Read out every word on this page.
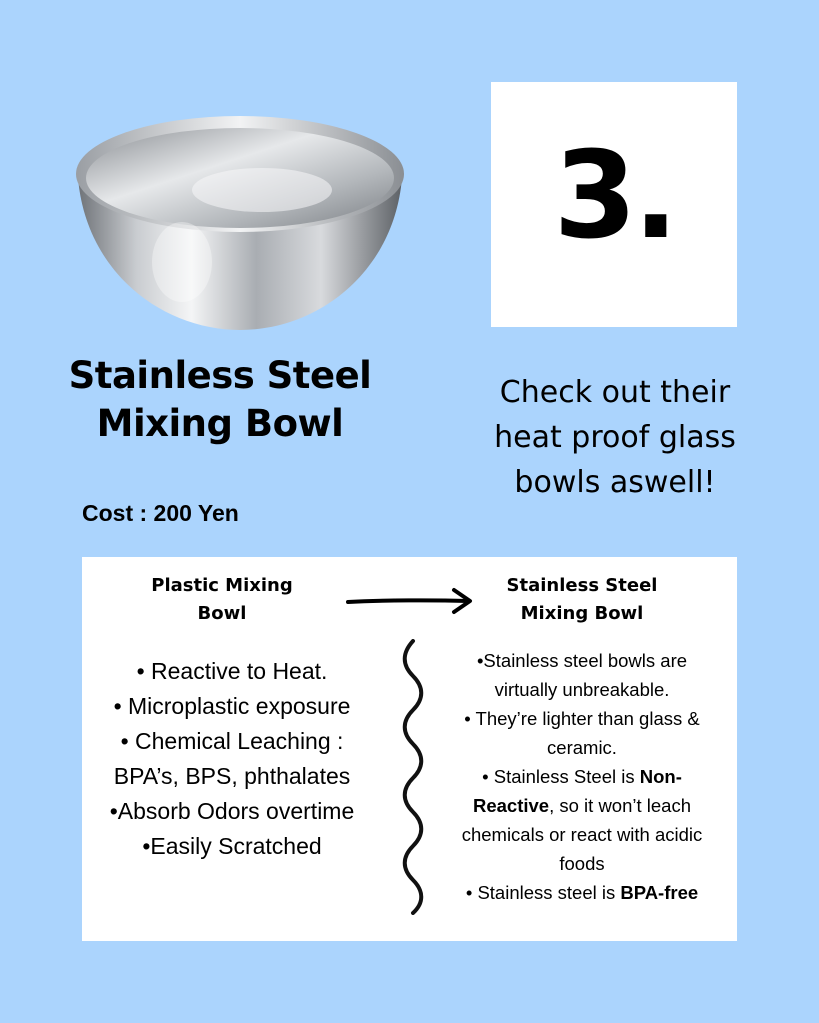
Stainless Steel
Mixing Bowl
Cost : 200 Yen
3.
Check out their
heat proof glass
bowls aswell!
Plastic Mixing
Bowl
Stainless Steel
Mixing Bowl
• Reactive to Heat.
• Microplastic exposure
• Chemical Leaching :
BPA’s, BPS, phthalates
•Absorb Odors overtime
•Easily Scratched
•Stainless steel bowls are
virtually unbreakable.
• They’re lighter than glass &
ceramic.
• Stainless Steel is Non-
Reactive, so it won’t leach
chemicals or react with acidic
foods
• Stainless steel is BPA-free
